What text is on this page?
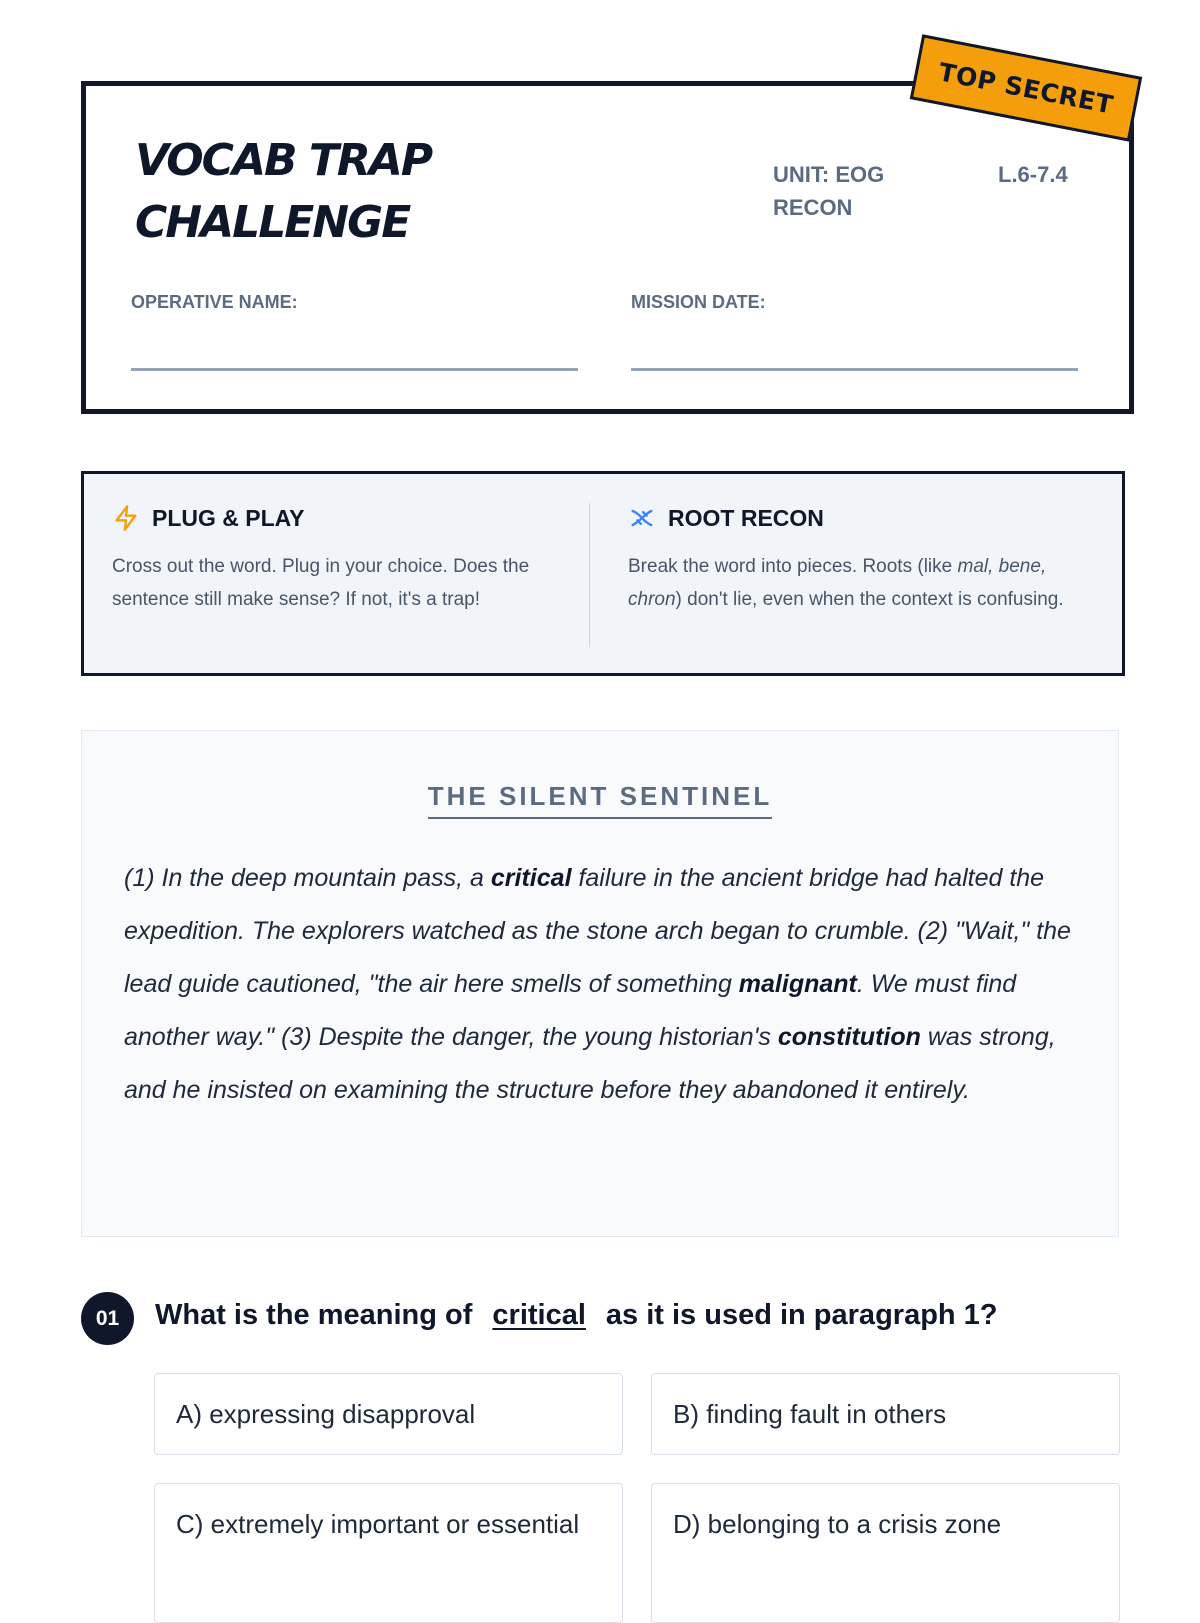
VOCAB TRAP
CHALLENGE
UNIT: EOG RECON
L.6-7.4
OPERATIVE NAME:	MISSION DATE:
TOP SECRET
PLUG & PLAY
Cross out the word. Plug in your choice. Does the sentence still make sense? If not, it's a trap!
ROOT RECON
Break the word into pieces. Roots (like mal, bene, chron) don't lie, even when the context is confusing.
THE SILENT SENTINEL

(1) In the deep mountain pass, a critical failure in the ancient bridge had halted the expedition. The explorers watched as the stone arch began to crumble. (2) "Wait," the lead guide cautioned, "the air here smells of something malignant. We must find another way." (3) Despite the danger, the young historian's constitution was strong, and he insisted on examining the structure before they abandoned it entirely.

01	What is the meaning of critical as it is used in paragraph 1?
A) expressing disapproval	B) finding fault in others
C) extremely important or essential	D) belonging to a crisis zone
